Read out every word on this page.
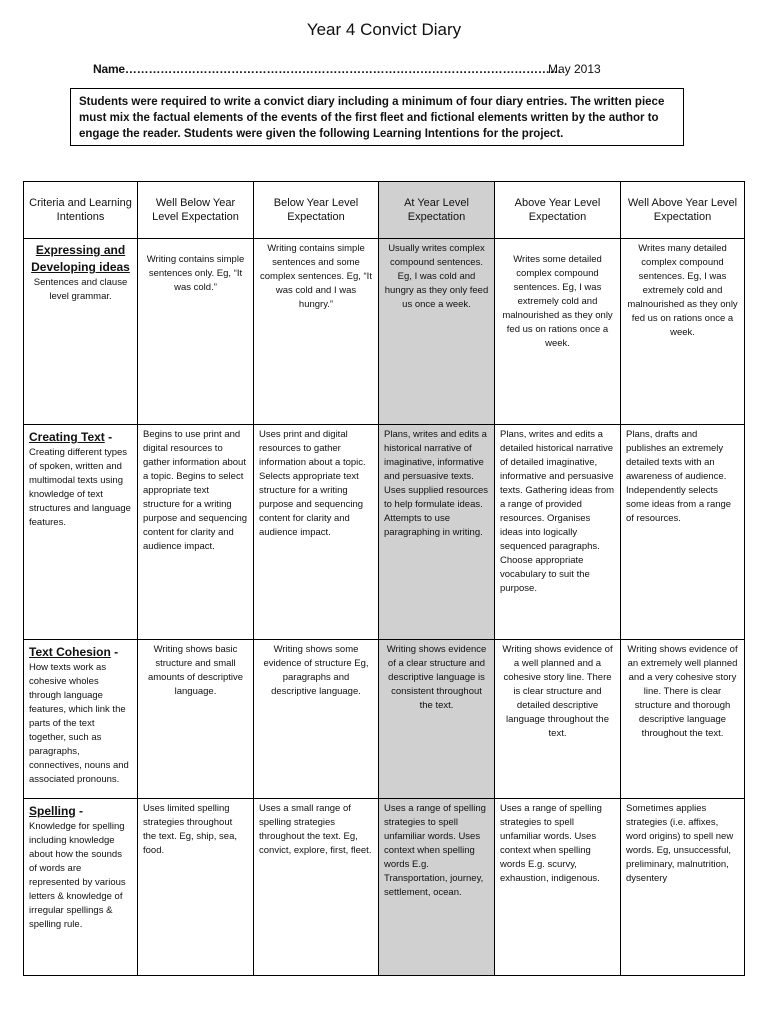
Year 4 Convict Diary
Name…………………………………………………………………………………………………
May 2013
Students were required to write a convict diary including a minimum of four diary entries. The written piece must mix the factual elements of the events of the first fleet and fictional elements written by the author to engage the reader. Students were given the following Learning Intentions for the project.
Criteria and Learning Intentions	Well Below Year Level Expectation	Below Year Level Expectation	At Year Level Expectation	Above Year Level Expectation	Well Above Year Level Expectation

Expressing and Developing ideas
Sentences and clause level grammar.	Writing contains simple sentences only. Eg, “It was cold.”	Writing contains simple sentences and some complex sentences. Eg, “It was cold and I was hungry.”	Usually writes complex compound sentences. Eg, I was cold and hungry as they only feed us once a week.	Writes some detailed complex compound sentences. Eg, I was extremely cold and malnourished as they only fed us on rations once a week.	Writes many detailed complex compound sentences. Eg, I was extremely cold and malnourished as they only fed us on rations once a week.
Creating Text -
Creating different types of spoken, written and multimodal texts using knowledge of text structures and language features.	Begins to use print and digital resources to gather information about a topic. Begins to select appropriate text structure for a writing purpose and sequencing content for clarity and audience impact.	Uses print and digital resources to gather information about a topic. Selects appropriate text structure for a writing purpose and sequencing content for clarity and audience impact.	Plans, writes and edits a historical narrative of imaginative, informative and persuasive texts. Uses supplied resources to help formulate ideas. Attempts to use paragraphing in writing.	Plans, writes and edits a detailed historical narrative of detailed imaginative, informative and persuasive texts. Gathering ideas from a range of provided resources. Organises ideas into logically sequenced paragraphs. Choose appropriate vocabulary to suit the purpose.	Plans, drafts and publishes an extremely detailed texts with an awareness of audience. Independently selects some ideas from a range of resources.
Text Cohesion -
How texts work as cohesive wholes through language features, which link the parts of the text together, such as paragraphs, connectives, nouns and associated pronouns.	Writing shows basic structure and small amounts of descriptive language.	Writing shows some evidence of structure Eg, paragraphs and descriptive language.	Writing shows evidence of a clear structure and descriptive language is consistent throughout the text.	Writing shows evidence of a well planned and a cohesive story line. There is clear structure and detailed descriptive language throughout the text.	Writing shows evidence of an extremely well planned and a very cohesive story line. There is clear structure and thorough descriptive language throughout the text.
Spelling -
Knowledge for spelling including knowledge about how the sounds of words are represented by various letters & knowledge of irregular spellings & spelling rule.	Uses limited spelling strategies throughout the text. Eg, ship, sea, food.	Uses a small range of spelling strategies throughout the text. Eg, convict, explore, first, fleet.	Uses a range of spelling strategies to spell unfamiliar words. Uses context when spelling words E.g. Transportation, journey, settlement, ocean.	Uses a range of spelling strategies to spell unfamiliar words. Uses context when spelling words E.g. scurvy, exhaustion, indigenous.	Sometimes applies strategies (i.e. affixes, word origins) to spell new words. Eg, unsuccessful, preliminary, malnutrition, dysentery
